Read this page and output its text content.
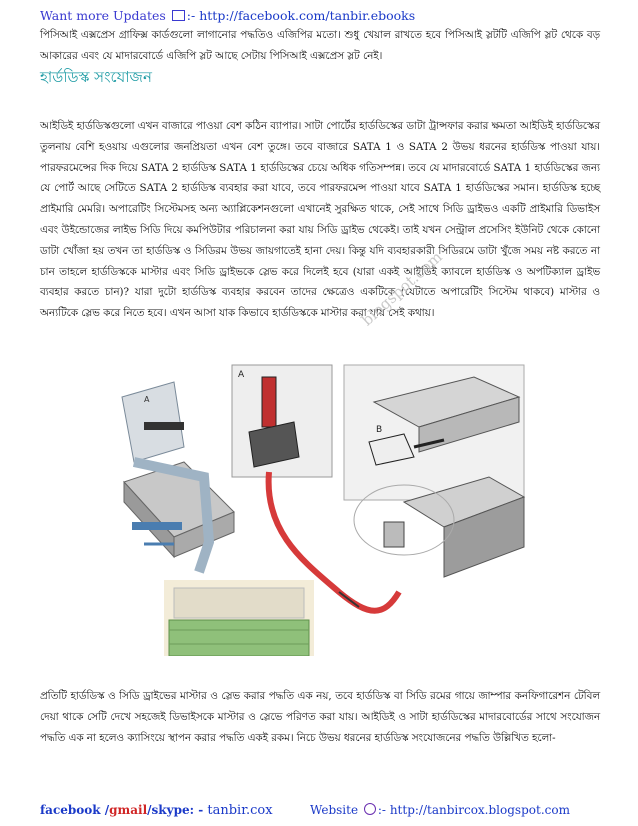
Want more Updates :- http://facebook.com/tanbir.ebooks

পিসিআই এক্সপ্রেস গ্রাফিক্স কার্ডগুলো লাগানোর পদ্ধতিও এজিপির মতো। শুধু খেয়াল রাখতে হবে পিসিআই স্লটটি এজিপি স্লট থেকে বড় আকারের এবং যে মাদারবোর্ডে এজিপি স্লট আছে সেটায় পিসিআই এক্সপ্রেস স্লট নেই।

হার্ডডিস্ক সংযোজন

আইডিই হার্ডডিস্কগুলো এখন বাজারে পাওয়া বেশ কঠিন ব্যাপার। সাটা পোর্টের হার্ডডিস্কের ডাটা ট্রান্সফার করার ক্ষমতা আইডিই হার্ডডিস্কের তুলনায় বেশি হওয়ায় এগুলোর জনপ্রিয়তা এখন বেশ তুঙ্গে। তবে বাজারে SATA 1 ও SATA 2 উভয় ধরনের হার্ডডিস্ক পাওয়া যায়। পারফরমেন্সের দিক দিয়ে SATA 2 হার্ডডিস্ক SATA 1 হার্ডডিস্কের চেয়ে অধিক গতিসম্পন্ন। তবে যে মাদারবোর্ডে SATA 1 হার্ডডিস্কের জন্য যে পোর্ট আছে সেটিতে SATA 2 হার্ডডিস্ক ব্যবহার করা যাবে, তবে পারফরমেন্স পাওয়া যাবে SATA 1 হার্ডডিস্কের সমান। হার্ডডিস্ক হচ্ছে প্রাইমারি মেমরি। অপারেটিং সিস্টেমসহ অন্য অ্যাপ্লিকেশনগুলো এখানেই সুরক্ষিত থাকে, সেই সাথে সিডি ড্রাইভও একটি প্রাইমারি ডিভাইস এবং উইন্ডোজের লাইভ সিডি দিয়ে কমপিউটার পরিচালনা করা যায় সিডি ড্রাইভ থেকেই। তাই যখন সেন্ট্রাল প্রসেসিং ইউনিট থেকে কোনো ডাটা খোঁজা হয় তখন তা হার্ডডিস্ক ও সিডিরম উভয় জায়গাতেই হানা দেয়। কিন্তু যদি ব্যবহারকারী সিডিরমে ডাটা খুঁজে সময় নষ্ট করতে না চান তাহলে হার্ডডিস্ককে মাস্টার এবং সিডি ড্রাইভকে স্লেভ করে দিলেই হবে (যারা একই আইডিই ক্যাবলে হার্ডডিস্ক ও অপটিক্যাল ড্রাইভ ব্যবহার করতে চান)? যারা দুটো হার্ডডিস্ক ব্যবহার করবেন তাদের ক্ষেত্রেও একটিকে (যেটাতে অপারেটিং সিস্টেম থাকবে) মাস্টার ও অন্যটিকে স্লেভ করে নিতে হবে। এখন আসা যাক কিভাবে হার্ডডিস্ককে মাস্টার করা যায় সেই কথায়।

A
A
B
blogspot.com

প্রতিটি হার্ডডিস্ক ও সিডি ড্রাইভের মাস্টার ও স্লেভ করার পদ্ধতি এক নয়, তবে হার্ডডিস্ক বা সিডি রমের গায়ে জাম্পার কনফিগারেশন টেবিল দেয়া থাকে সেটি দেখে সহজেই ডিভাইসকে মাস্টার ও স্লেভে পরিণত করা যায়। আইডিই ও সাটা হার্ডডিস্কের মাদারবোর্ডের সাথে সংযোজন পদ্ধতি এক না হলেও ক্যাসিংয়ে স্থাপন করার পদ্ধতি একই রকম। নিচে উভয় ধরনের হার্ডডিস্ক সংযোজনের পদ্ধতি উল্লিখিত হলো-

facebook /gmail/skype: - tanbir.cox	Website :- http://tanbircox.blogspot.com
